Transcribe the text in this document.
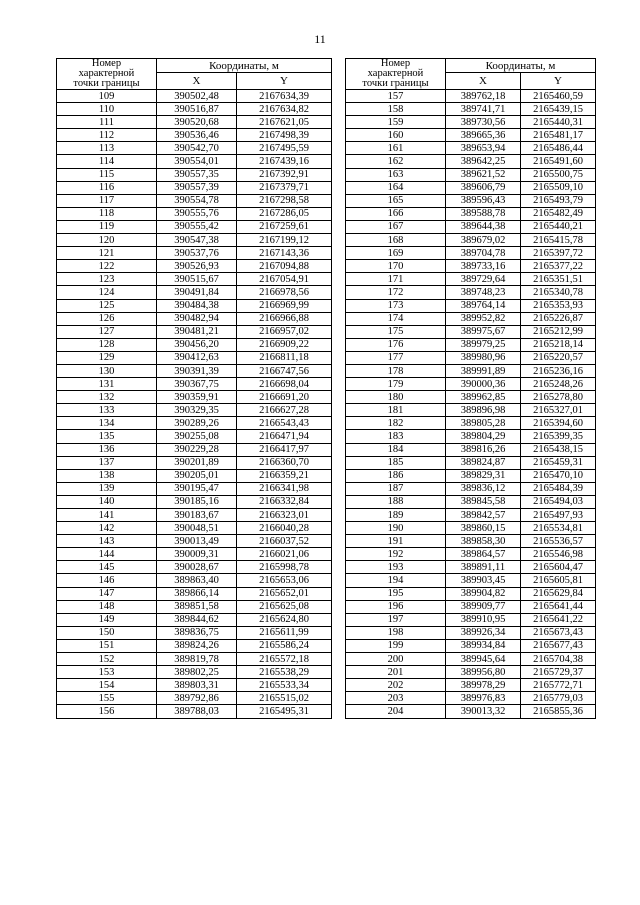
11
Номер
характерной
точки границы	Координаты, м	
	X	Y
109	390502,48	2167634,39
110	390516,87	2167634,82
111	390520,68	2167621,05
112	390536,46	2167498,39
113	390542,70	2167495,59
114	390554,01	2167439,16
115	390557,35	2167392,91
116	390557,39	2167379,71
117	390554,78	2167298,58
118	390555,76	2167286,05
119	390555,42	2167259,61
120	390547,38	2167199,12
121	390537,76	2167143,36
122	390526,93	2167094,88
123	390515,67	2167054,91
124	390491,84	2166978,56
125	390484,38	2166969,99
126	390482,94	2166966,88
127	390481,21	2166957,02
128	390456,20	2166909,22
129	390412,63	2166811,18
130	390391,39	2166747,56
131	390367,75	2166698,04
132	390359,91	2166691,20
133	390329,35	2166627,28
134	390289,26	2166543,43
135	390255,08	2166471,94
136	390229,28	2166417,97
137	390201,89	2166360,70
138	390205,01	2166359,21
139	390195,47	2166341,98
140	390185,16	2166332,84
141	390183,67	2166323,01
142	390048,51	2166040,28
143	390013,49	2166037,52
144	390009,31	2166021,06
145	390028,67	2165998,78
146	389863,40	2165653,06
147	389866,14	2165652,01
148	389851,58	2165625,08
149	389844,62	2165624,80
150	389836,75	2165611,99
151	389824,26	2165586,24
152	389819,78	2165572,18
153	389802,25	2165538,29
154	389803,31	2165533,34
155	389792,86	2165515,02
156	389788,03	2165495,31
Номер
характерной
точки границы	Координаты, м	
	X	Y
157	389762,18	2165460,59
158	389741,71	2165439,15
159	389730,56	2165440,31
160	389665,36	2165481,17
161	389653,94	2165486,44
162	389642,25	2165491,60
163	389621,52	2165500,75
164	389606,79	2165509,10
165	389596,43	2165493,79
166	389588,78	2165482,49
167	389644,38	2165440,21
168	389679,02	2165415,78
169	389704,78	2165397,72
170	389733,16	2165377,22
171	389729,64	2165351,51
172	389748,23	2165340,78
173	389764,14	2165353,93
174	389952,82	2165226,87
175	389975,67	2165212,99
176	389979,25	2165218,14
177	389980,96	2165220,57
178	389991,89	2165236,16
179	390000,36	2165248,26
180	389962,85	2165278,80
181	389896,98	2165327,01
182	389805,28	2165394,60
183	389804,29	2165399,35
184	389816,26	2165438,15
185	389824,87	2165459,31
186	389829,31	2165470,10
187	389836,12	2165484,39
188	389845,58	2165494,03
189	389842,57	2165497,93
190	389860,15	2165534,81
191	389858,30	2165536,57
192	389864,57	2165546,98
193	389891,11	2165604,47
194	389903,45	2165605,81
195	389904,82	2165629,84
196	389909,77	2165641,44
197	389910,95	2165641,22
198	389926,34	2165673,43
199	389934,84	2165677,43
200	389945,64	2165704,38
201	389956,80	2165729,37
202	389978,29	2165772,71
203	389976,83	2165779,03
204	390013,32	2165855,36
